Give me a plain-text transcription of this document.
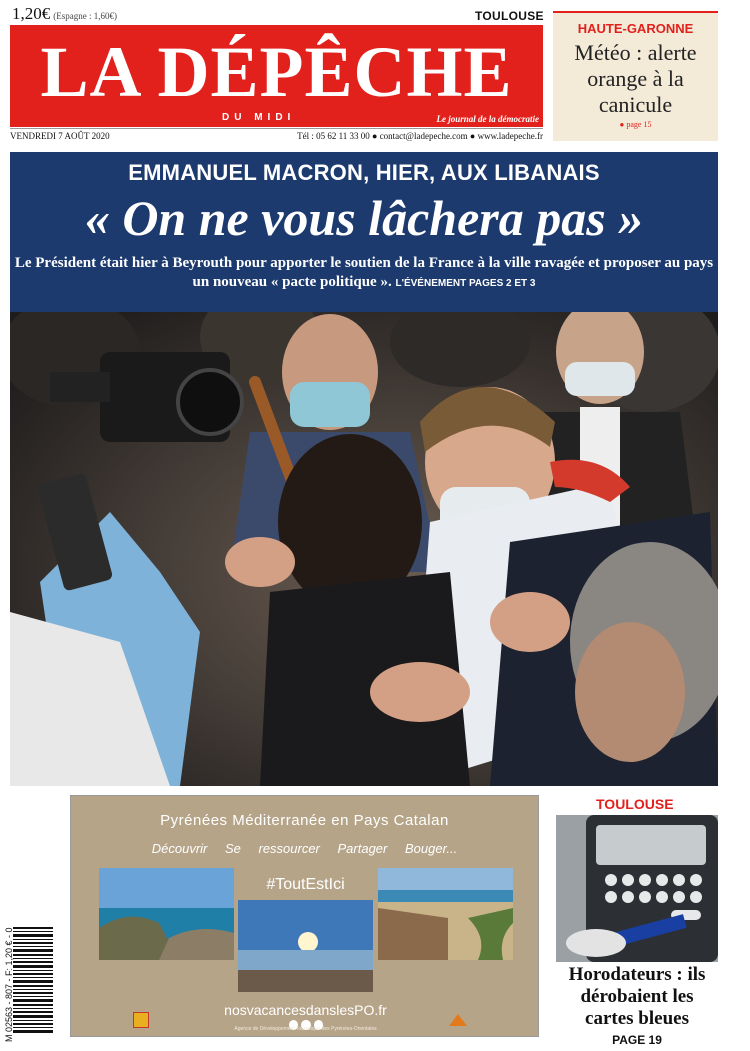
1,20€ (Espagne : 1,60€)	TOULOUSE
LA DÉPÊCHE
DU MIDI	Le journal de la démocratie
VENDREDI 7 AOÛT 2020	Tél : 05 62 11 33 00 ● contact@ladepeche.com ● www.ladepeche.fr
HAUTE-GARONNE
Météo : alerte orange à la canicule
● page 15
EMMANUEL MACRON, HIER, AUX LIBANAIS
« On ne vous lâchera pas »
Le Président était hier à Beyrouth pour apporter le soutien de la France à la ville ravagée et proposer au pays un nouveau « pacte politique ». L'ÉVÉNEMENT PAGES 2 ET 3
Pyrénées Méditerranée en Pays Catalan
Découvrir Se ressourcer Partager Bouger...
#ToutEstIci
nosvacancesdanslesPO.fr
Agence de Développement Touristique des Pyrénées-Orientales
TOULOUSE
Horodateurs : ils dérobaient les cartes bleues
PAGE 19
M 02563 - 807 - F: 1,20 € - 0
